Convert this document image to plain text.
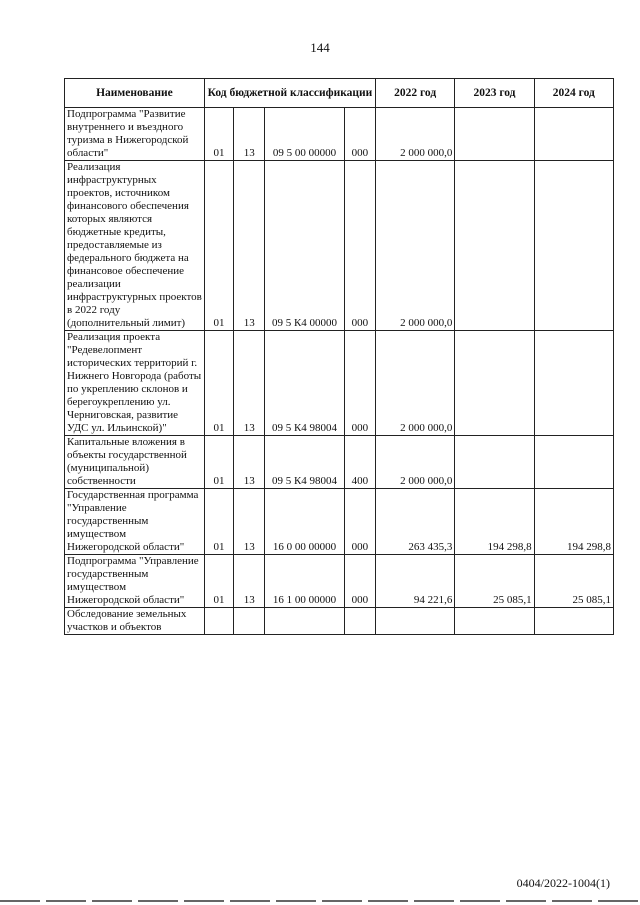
144
Наименование	Код бюджетной классификации				2022 год	2023 год	2024 год
Подпрограмма "Развитие внутреннего и въездного туризма в Нижегородской области"	01	13	09 5 00 00000	000	2 000 000,0		
Реализация инфраструктурных проектов, источником финансового обеспечения которых являются бюджетные кредиты, предоставляемые из федерального бюджета на финансовое обеспечение реализации инфраструктурных проектов в 2022 году (дополнительный лимит)	01	13	09 5 К4 00000	000	2 000 000,0		
Реализация проекта "Редевелопмент исторических территорий г. Нижнего Новгорода (работы по укреплению склонов и берегоукреплению ул. Черниговская, развитие УДС ул. Ильинской)"	01	13	09 5 К4 98004	000	2 000 000,0		
Капитальные вложения в объекты государственной (муниципальной) собственности	01	13	09 5 К4 98004	400	2 000 000,0		
Государственная программа "Управление государственным имуществом Нижегородской области"	01	13	16 0 00 00000	000	263 435,3	194 298,8	194 298,8
Подпрограмма "Управление государственным имуществом Нижегородской области"	01	13	16 1 00 00000	000	94 221,6	25 085,1	25 085,1
Обследование земельных участков и объектов							
0404/2022-1004(1)
